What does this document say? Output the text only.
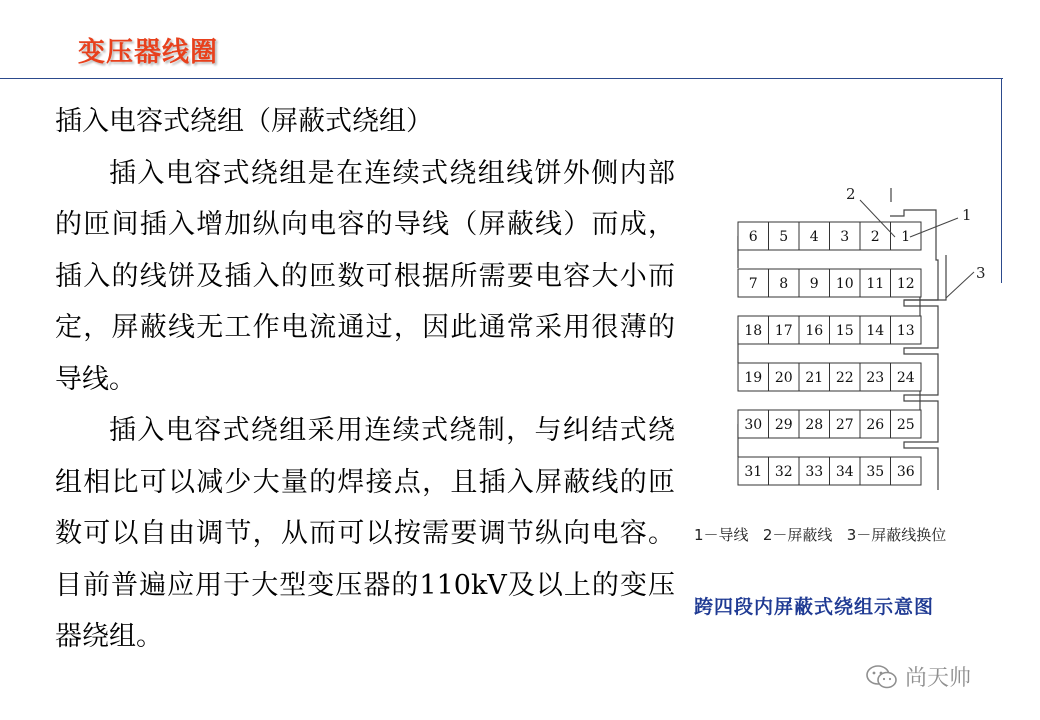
变压器线圈

插入电容式绕组（屏蔽式绕组）

插入电容式绕组是在连续式绕组线饼外侧内部的匝间插入增加纵向电容的导线（屏蔽线）而成，插入的线饼及插入的匝数可根据所需要电容大小而定，屏蔽线无工作电流通过，因此通常采用很薄的导线。

插入电容式绕组采用连续式绕制，与纠结式绕组相比可以减少大量的焊接点，且插入屏蔽线的匝数可以自由调节，从而可以按需要调节纵向电容。目前普遍应用于大型变压器的110kV及以上的变压器绕组。

6 5 4 3 2 1
7 8 9 10 11 12
18 17 16 15 14 13
19 20 21 22 23 24
30 29 28 27 26 25
31 32 33 34 35 36
1
2
3
1－导线   2－屏蔽线   3－屏蔽线换位
跨四段内屏蔽式绕组示意图
尚天帅
